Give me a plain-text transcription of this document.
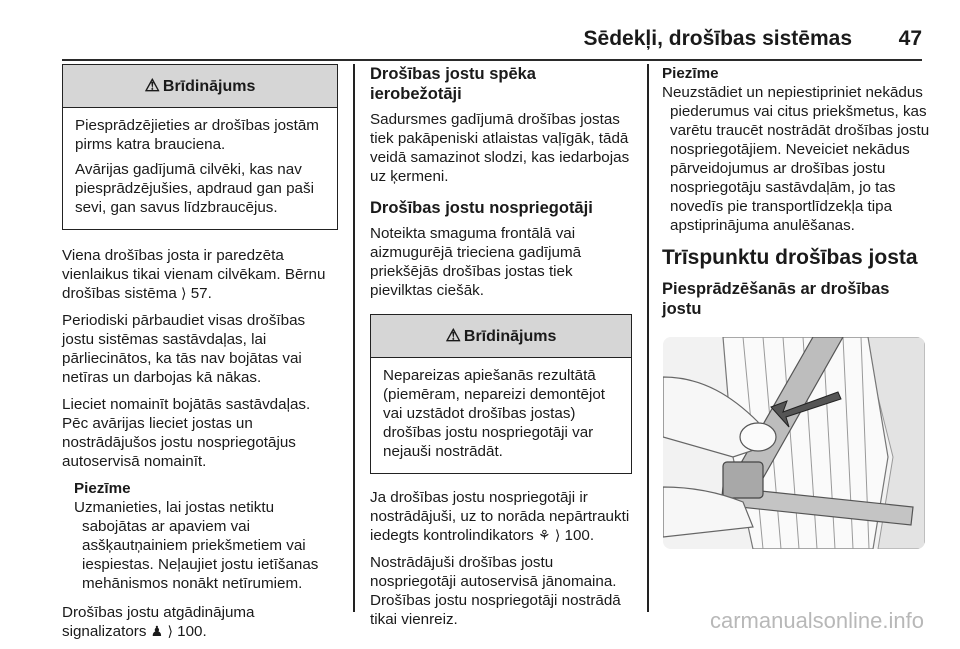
Sēdekļi, drošības sistēmas 47
⚠ Brīdinājums

Piesprādzējieties ar drošības jostām pirms katra brauciena.

Avārijas gadījumā cilvēki, kas nav piesprādzējušies, apdraud gan paši sevi, gan savus līdzbraucējus.

Viena drošības josta ir paredzēta vienlaikus tikai vienam cilvēkam. Bērnu drošības sistēma ⟩ 57.

Periodiski pārbaudiet visas drošības jostu sistēmas sastāvdaļas, lai pārliecinātos, ka tās nav bojātas vai netīras un darbojas kā nākas.

Lieciet nomainīt bojātās sastāvdaļas. Pēc avārijas lieciet jostas un nostrādājušos jostu nospriegotājus autoservisā nomainīt.

Piezīme
Uzmanieties, lai jostas netiktu sabojātas ar apaviem vai asšķautņainiem priekšmetiem vai iespiestas. Neļaujiet jostu ietīšanas mehānismos nonākt netīrumiem.

Drošības jostu atgādinājuma signalizators ♟ ⟩ 100.

Drošības jostu spēka ierobežotāji

Sadursmes gadījumā drošības jostas tiek pakāpeniski atlaistas vaļīgāk, tādā veidā samazinot slodzi, kas iedarbojas uz ķermeni.

Drošības jostu nospriegotāji

Noteikta smaguma frontālā vai aizmugurējā trieciena gadījumā priekšējās drošības jostas tiek pievilktas ciešāk.

⚠ Brīdinājums

Nepareizas apiešanās rezultātā (piemēram, nepareizi demontējot vai uzstādot drošības jostas) drošības jostu nospriegotāji var nejauši nostrādāt.

Ja drošības jostu nospriegotāji ir nostrādājuši, uz to norāda nepārtraukti iedegts kontrolindikators ⚘ ⟩ 100.

Nostrādājuši drošības jostu nospriegotāji autoservisā jānomaina. Drošības jostu nospriegotāji nostrādā tikai vienreiz.

Piezīme
Neuzstādiet un nepiestipriniet nekādus piederumus vai citus priekšmetus, kas varētu traucēt nostrādāt drošības jostu nospriegotājiem. Neveiciet nekādus pārveidojumus ar drošības jostu nospriegotāju sastāvdaļām, jo tas novedīs pie transportlīdzekļa tipa apstiprinājuma anulēšanas.
Trīspunktu drošības josta
Piesprādzēšanās ar drošības jostu
carmanualsonline.info
